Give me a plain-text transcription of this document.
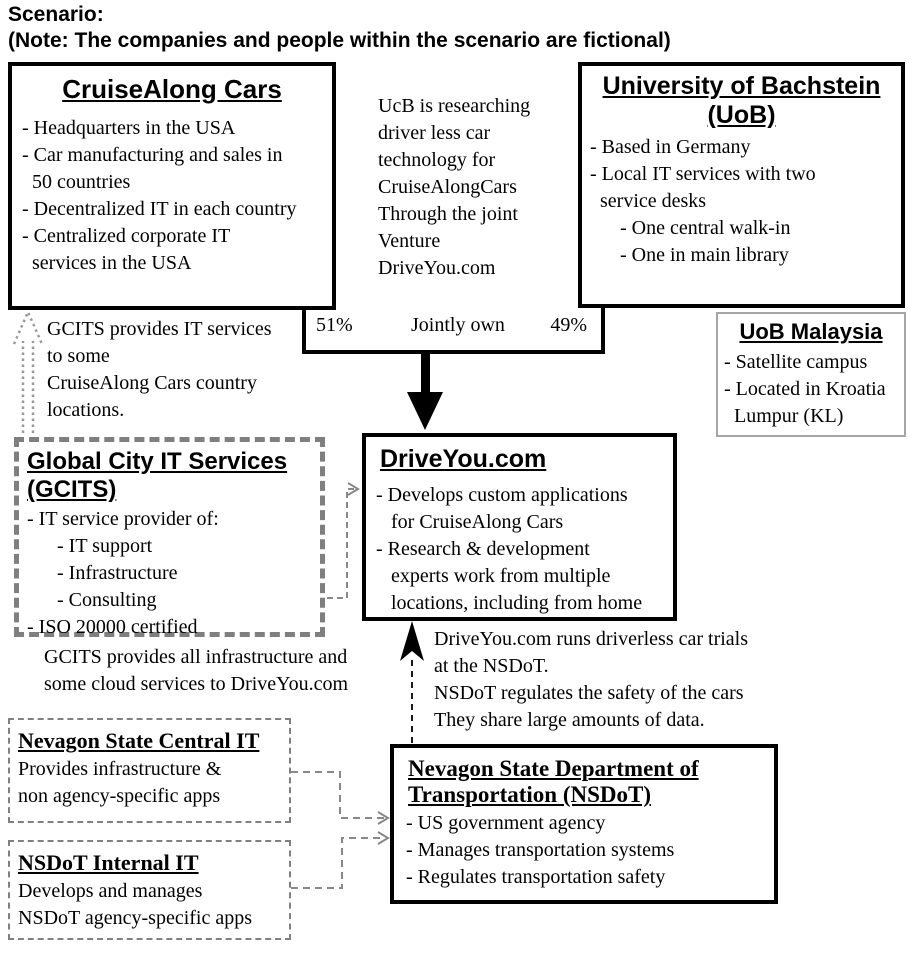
Scenario:
(Note: The companies and people within the scenario are fictional)
CruiseAlong Cars
- Headquarters in the USA
- Car manufacturing and sales in
50 countries
- Decentralized IT in each country
- Centralized corporate IT
services in the USA
UcB is researching
driver less car
technology for
CruiseAlongCars
Through the joint
Venture
DriveYou.com
University of Bachstein
(UoB)
- Based in Germany
- Local IT services with two
service desks
- One central walk-in
- One in main library
51%	Jointly own 49%	UoB Malaysia
- Satellite campus
- Located in Kroatia
Lumpur (KL)
GCITS provides IT services
to some
CruiseAlong Cars country
locations.
Global City IT Services
(GCITS)
- IT service provider of:
- IT support
- Infrastructure
- Consulting
- ISO 20000 certified
DriveYou.com
- Develops custom applications
for CruiseAlong Cars
- Research & development
experts work from multiple
locations, including from home
GCITS provides all infrastructure and
some cloud services to DriveYou.com
DriveYou.com runs driverless car trials
at the NSDoT.
NSDoT regulates the safety of the cars
They share large amounts of data.
Nevagon State Central IT
Provides infrastructure &
non agency-specific apps
NSDoT Internal IT
Develops and manages
NSDoT agency-specific apps
Nevagon State Department of
Transportation (NSDoT)
- US government agency
- Manages transportation systems
- Regulates transportation safety
